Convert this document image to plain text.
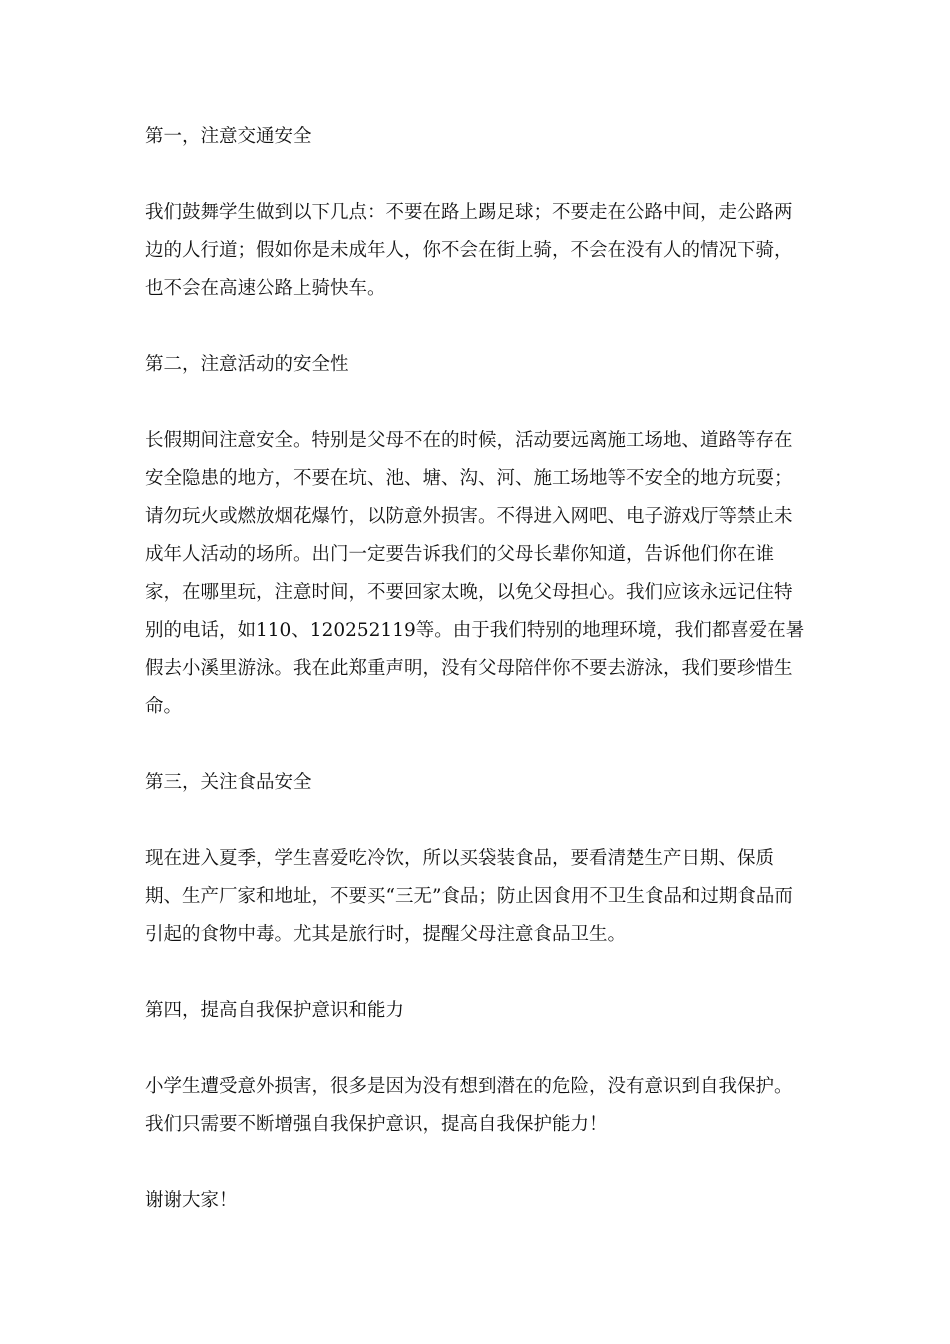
第一，注意交通安全

我们鼓舞学生做到以下几点：不要在路上踢足球；不要走在公路中间，走公路两边的人行道；假如你是未成年人，你不会在街上骑，不会在没有人的情况下骑，也不会在高速公路上骑快车。

第二，注意活动的安全性

长假期间注意安全。特别是父母不在的时候，活动要远离施工场地、道路等存在安全隐患的地方，不要在坑、池、塘、沟、河、施工场地等不安全的地方玩耍；请勿玩火或燃放烟花爆竹，以防意外损害。不得进入网吧、电子游戏厅等禁止未成年人活动的场所。出门一定要告诉我们的父母长辈你知道，告诉他们你在谁家，在哪里玩，注意时间，不要回家太晚，以免父母担心。我们应该永远记住特别的电话，如110、120252119等。由于我们特别的地理环境，我们都喜爱在暑假去小溪里游泳。我在此郑重声明，没有父母陪伴你不要去游泳，我们要珍惜生命。

第三，关注食品安全

现在进入夏季，学生喜爱吃冷饮，所以买袋装食品，要看清楚生产日期、保质期、生产厂家和地址，不要买“三无”食品；防止因食用不卫生食品和过期食品而引起的食物中毒。尤其是旅行时，提醒父母注意食品卫生。

第四，提高自我保护意识和能力

小学生遭受意外损害，很多是因为没有想到潜在的危险，没有意识到自我保护。我们只需要不断增强自我保护意识，提高自我保护能力！

谢谢大家！
